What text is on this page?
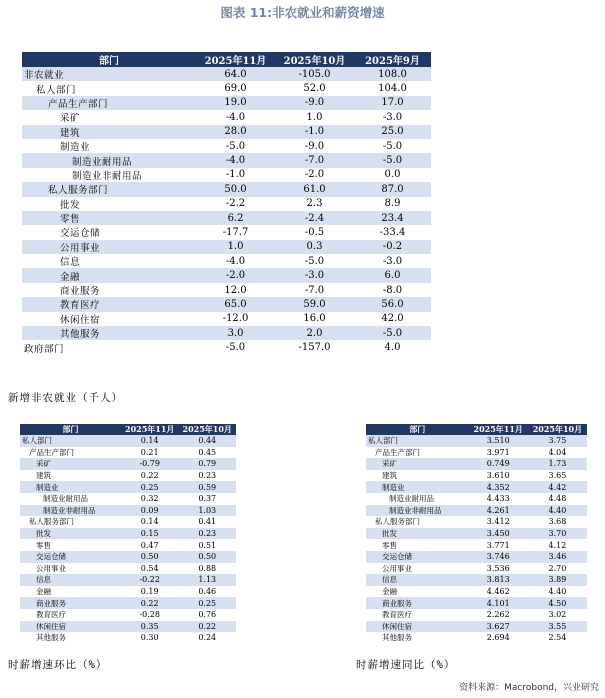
图表 11:非农就业和薪资增速
部门	2025年11月	2025年10月	2025年9月
非农就业	64.0	-105.0	108.0
私人部门	69.0	52.0	104.0
产品生产部门	19.0	-9.0	17.0
采矿	-4.0	1.0	-3.0
建筑	28.0	-1.0	25.0
制造业	-5.0	-9.0	-5.0
制造业耐用品	-4.0	-7.0	-5.0
制造业非耐用品	-1.0	-2.0	0.0
私人服务部门	50.0	61.0	87.0
批发	-2.2	2.3	8.9
零售	6.2	-2.4	23.4
交运仓储	-17.7	-0.5	-33.4
公用事业	1.0	0.3	-0.2
信息	-4.0	-5.0	-3.0
金融	-2.0	-3.0	6.0
商业服务	12.0	-7.0	-8.0
教育医疗	65.0	59.0	56.0
休闲住宿	-12.0	16.0	42.0
其他服务	3.0	2.0	-5.0
政府部门	-5.0	-157.0	4.0
新增非农就业（千人）
部门	2025年11月	2025年10月
私人部门	0.14	0.44
产品生产部门	0.21	0.45
采矿	-0.79	0.79
建筑	0.22	0.23
制造业	0.25	0.59
制造业耐用品	0.32	0.37
制造业非耐用品	0.09	1.03
私人服务部门	0.14	0.41
批发	0.15	0.23
零售	0.47	0.51
交运仓储	0.50	0.50
公用事业	0.54	0.88
信息	-0.22	1.13
金融	0.19	0.46
商业服务	0.22	0.25
教育医疗	-0.28	0.76
休闲住宿	0.35	0.22
其他服务	0.30	0.24
时薪增速环比（%）
部门	2025年11月	2025年10月
私人部门	3.510	3.75
产品生产部门	3.971	4.04
采矿	0.749	1.73
建筑	3.610	3.65
制造业	4.352	4.42
制造业耐用品	4.433	4.48
制造业非耐用品	4.261	4.40
私人服务部门	3.412	3.68
批发	3.450	3.70
零售	3.771	4.12
交运仓储	3.746	3.46
公用事业	3.536	2.70
信息	3.813	3.89
金融	4.462	4.40
商业服务	4.101	4.50
教育医疗	2.262	3.02
休闲住宿	3.627	3.55
其他服务	2.694	2.54
时薪增速同比（%）
资料来源：Macrobond，兴业研究
